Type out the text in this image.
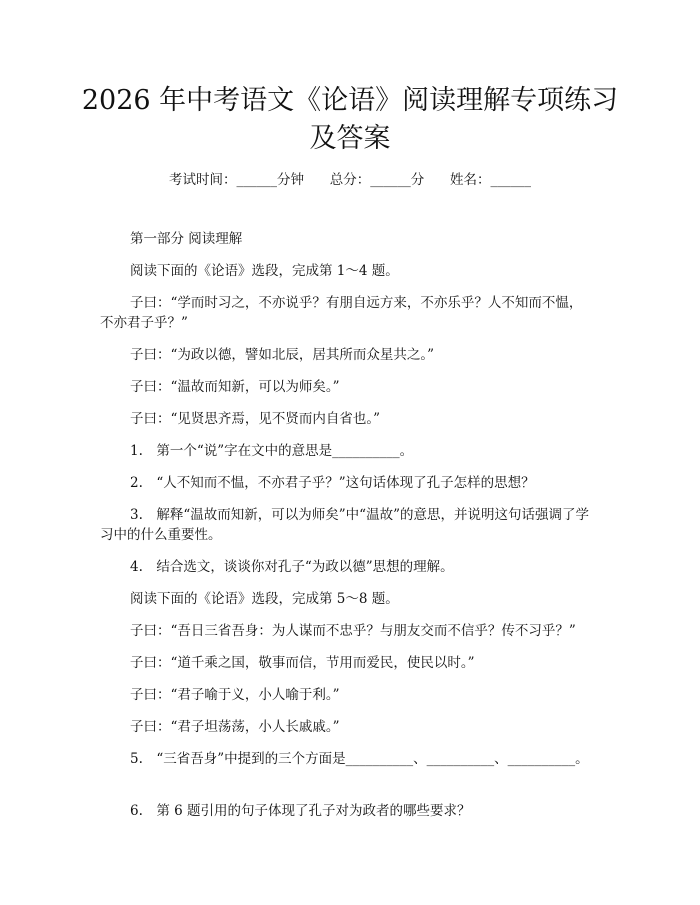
2026 年中考语文《论语》阅读理解专项练习
及答案
考试时间：______分钟      总分：______分      姓名：______
第一部分 阅读理解
阅读下面的《论语》选段，完成第 1～4 题。
子曰：“学而时习之，不亦说乎？有朋自远方来，不亦乐乎？人不知而不愠，不亦君子乎？”
子曰：“为政以德，譬如北辰，居其所而众星共之。”
子曰：“温故而知新，可以为师矣。”
子曰：“见贤思齐焉，见不贤而内自省也。”
1.　第一个“说”字在文中的意思是__________。
2.　“人不知而不愠，不亦君子乎？”这句话体现了孔子怎样的思想？
3.　解释“温故而知新，可以为师矣”中“温故”的意思，并说明这句话强调了学习中的什么重要性。
4.　结合选文，谈谈你对孔子“为政以德”思想的理解。
阅读下面的《论语》选段，完成第 5～8 题。
子曰：“吾日三省吾身：为人谋而不忠乎？与朋友交而不信乎？传不习乎？”
子曰：“道千乘之国，敬事而信，节用而爱民，使民以时。”
子曰：“君子喻于义，小人喻于利。”
子曰：“君子坦荡荡，小人长戚戚。”
5.　“三省吾身”中提到的三个方面是__________、__________、__________。
6.　第 6 题引用的句子体现了孔子对为政者的哪些要求？
